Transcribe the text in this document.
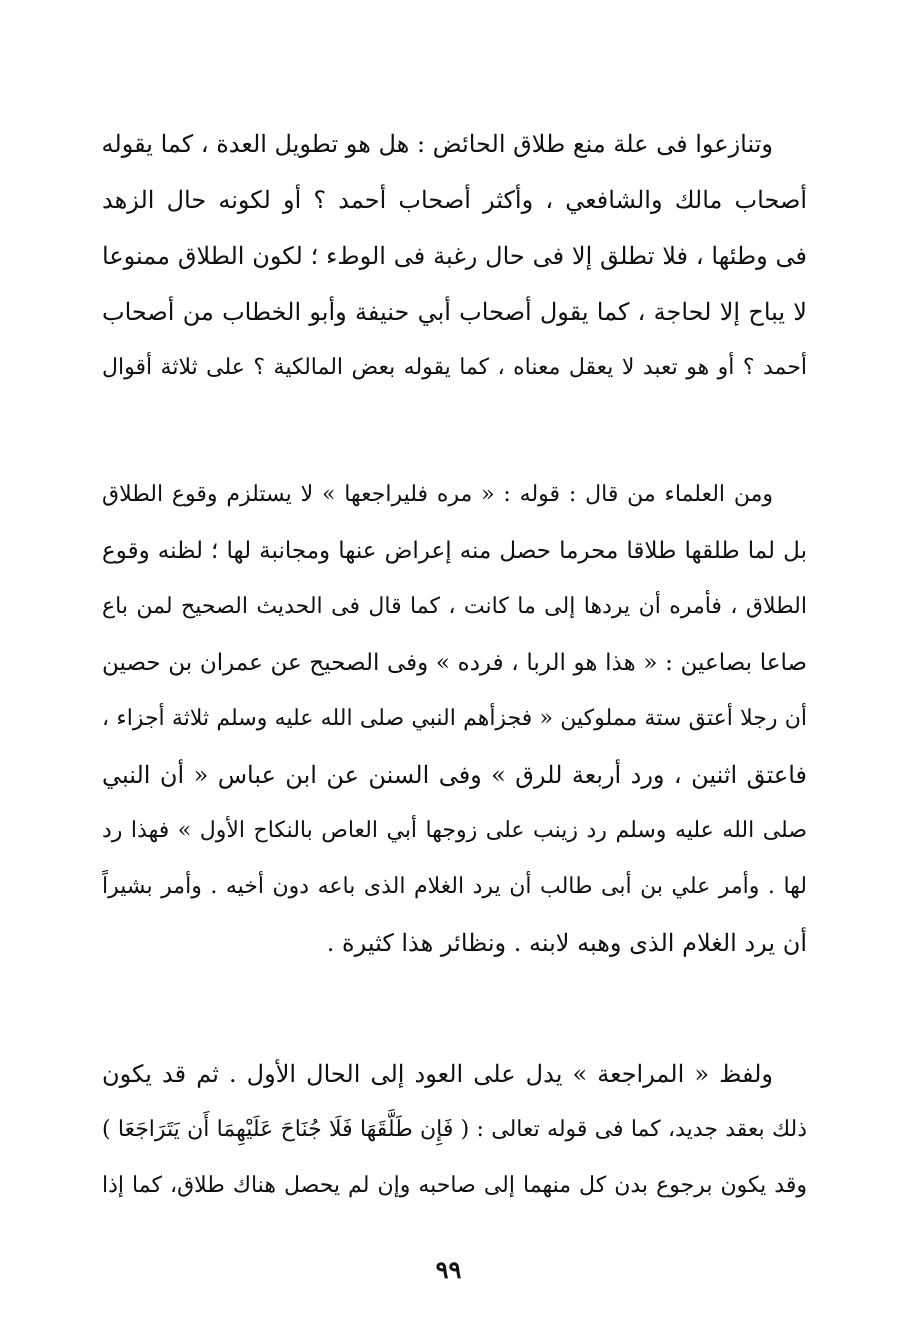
وتنازعوا فى علة منع طلاق الحائض : هل هو تطويل العدة ، كما يقوله
أصحاب مالك والشافعي ، وأكثر أصحاب أحمد ؟ أو لكونه حال الزهد
فى وطئها ، فلا تطلق إلا فى حال رغبة فى الوطء ؛ لكون الطلاق ممنوعا
لا يباح إلا لحاجة ، كما يقول أصحاب أبي حنيفة وأبو الخطاب من أصحاب
أحمد ؟ أو هو تعبد لا يعقل معناه ، كما يقوله بعض المالكية ؟ على ثلاثة أقوال
ومن العلماء من قال : قوله : « مره فليراجعها » لا يستلزم وقوع الطلاق
بل لما طلقها طلاقا محرما حصل منه إعراض عنها ومجانبة لها ؛ لظنه وقوع
الطلاق ، فأمره أن يردها إلى ما كانت ، كما قال فى الحديث الصحيح لمن باع
صاعا بصاعين : « هذا هو الربا ، فرده » وفى الصحيح عن عمران بن حصين
أن رجلا أعتق ستة مملوكين « فجزأهم النبي صلى الله عليه وسلم ثلاثة أجزاء ،
فاعتق اثنين ، ورد أربعة للرق » وفى السنن عن ابن عباس « أن النبي
صلى الله عليه وسلم رد زينب على زوجها أبي العاص بالنكاح الأول » فهذا رد
لها . وأمر علي بن أبى طالب أن يرد الغلام الذى باعه دون أخيه . وأمر بشيراً
أن يرد الغلام الذى وهبه لابنه . ونظائر هذا كثيرة .
ولفظ « المراجعة » يدل على العود إلى الحال الأول . ثم قد يكون
ذلك بعقد جديد، كما فى قوله تعالى : ( فَإِن طَلَّقَهَا فَلَا جُنَاحَ عَلَيْهِمَا أَن يَتَرَاجَعَا )
وقد يكون برجوع بدن كل منهما إلى صاحبه وإن لم يحصل هناك طلاق، كما إذا
٩٩
